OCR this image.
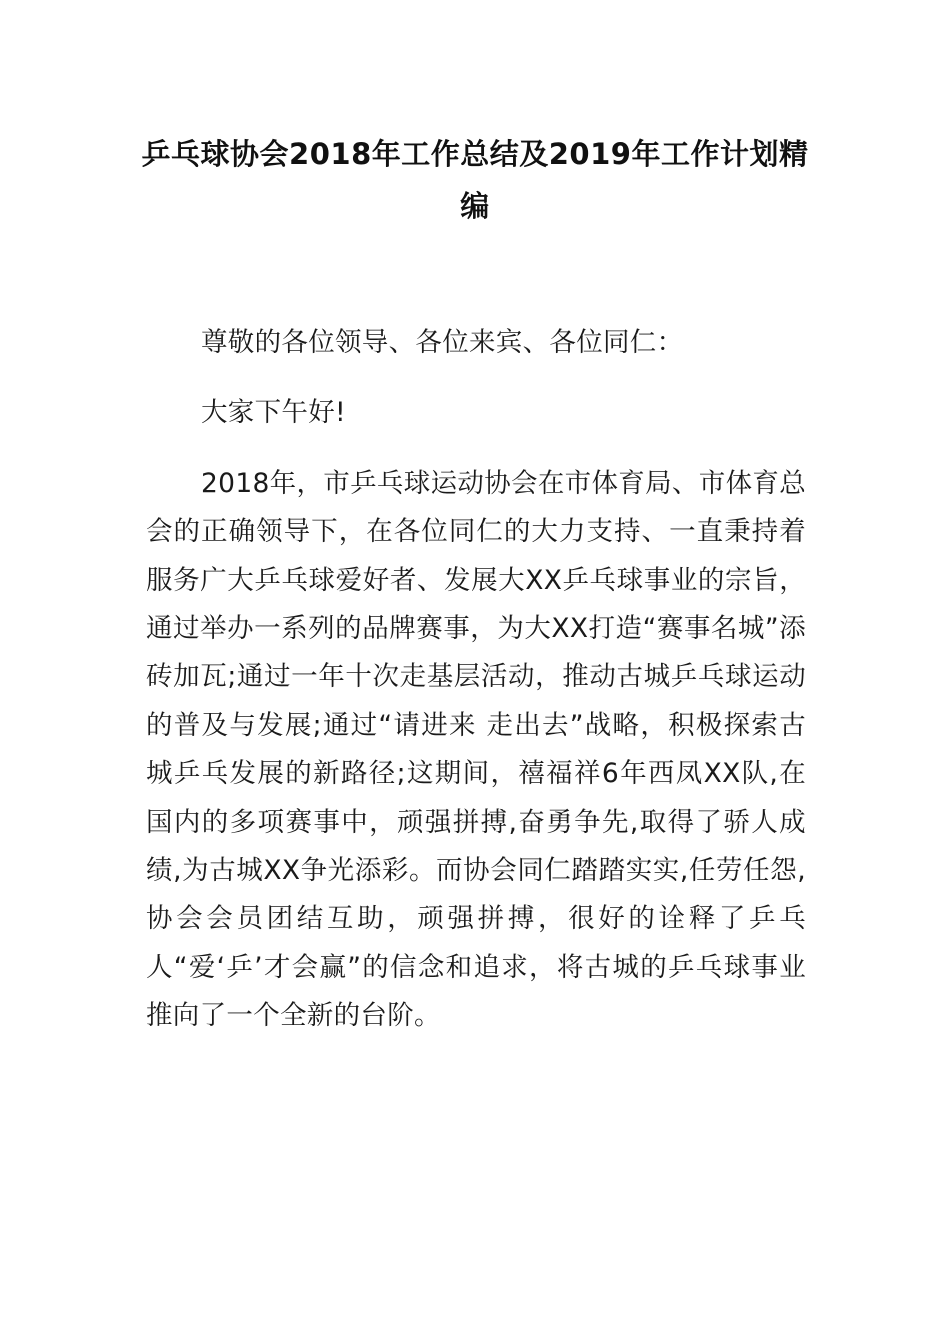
乒乓球协会2018年工作总结及2019年工作计划精编

尊敬的各位领导、各位来宾、各位同仁：

大家下午好!

2018年，市乒乓球运动协会在市体育局、市体育总会的正确领导下，在各位同仁的大力支持、一直秉持着服务广大乒乓球爱好者、发展大XX乒乓球事业的宗旨，通过举办一系列的品牌赛事，为大XX打造“赛事名城”添砖加瓦;通过一年十次走基层活动，推动古城乒乓球运动的普及与发展;通过“请进来 走出去”战略，积极探索古城乒乓发展的新路径;这期间，禧福祥6年西凤XX队,在国内的多项赛事中，顽强拼搏,奋勇争先,取得了骄人成绩,为古城XX争光添彩。而协会同仁踏踏实实,任劳任怨,协会会员团结互助，顽强拼搏，很好的诠释了乒乓人“爱‘乒’才会赢”的信念和追求，将古城的乒乓球事业推向了一个全新的台阶。
